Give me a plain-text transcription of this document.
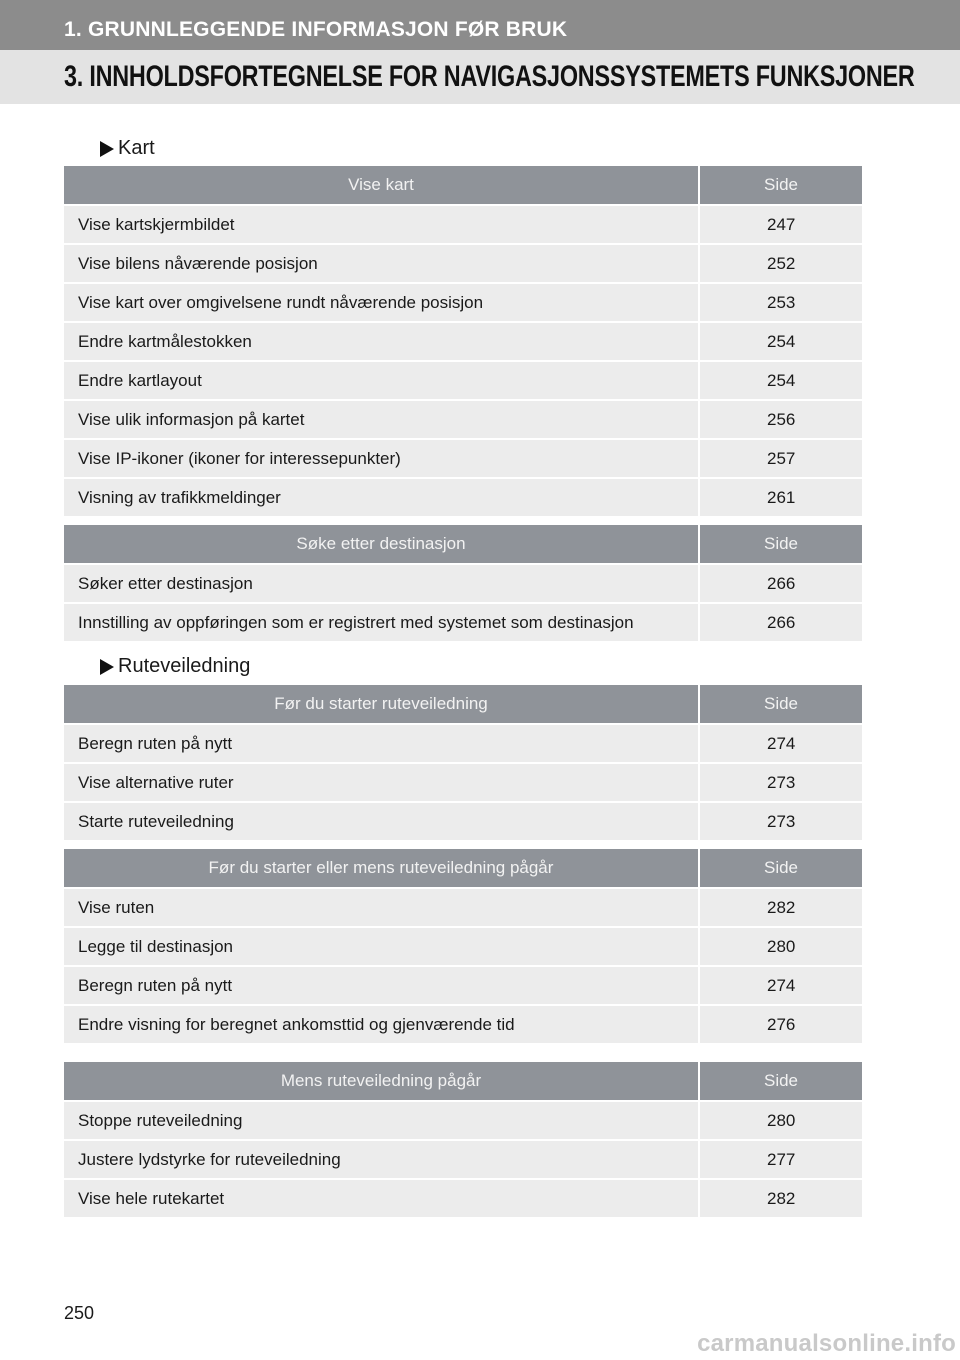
1. GRUNNLEGGENDE INFORMASJON FØR BRUK
3. INNHOLDSFORTEGNELSE FOR NAVIGASJONSSYSTEMETS FUNKSJONER
Kart
Vise kart	Side
Vise kartskjermbildet	247
Vise bilens nåværende posisjon	252
Vise kart over omgivelsene rundt nåværende posisjon	253
Endre kartmålestokken	254
Endre kartlayout	254
Vise ulik informasjon på kartet	256
Vise IP-ikoner (ikoner for interessepunkter)	257
Visning av trafikkmeldinger	261
Søke etter destinasjon	Side
Søker etter destinasjon	266
Innstilling av oppføringen som er registrert med systemet som destinasjon	266
Ruteveiledning
Før du starter ruteveiledning	Side
Beregn ruten på nytt	274
Vise alternative ruter	273
Starte ruteveiledning	273
Før du starter eller mens ruteveiledning pågår	Side
Vise ruten	282
Legge til destinasjon	280
Beregn ruten på nytt	274
Endre visning for beregnet ankomsttid og gjenværende tid	276
Mens ruteveiledning pågår	Side
Stoppe ruteveiledning	280
Justere lydstyrke for ruteveiledning	277
Vise hele rutekartet	282
250
carmanualsonline.info
